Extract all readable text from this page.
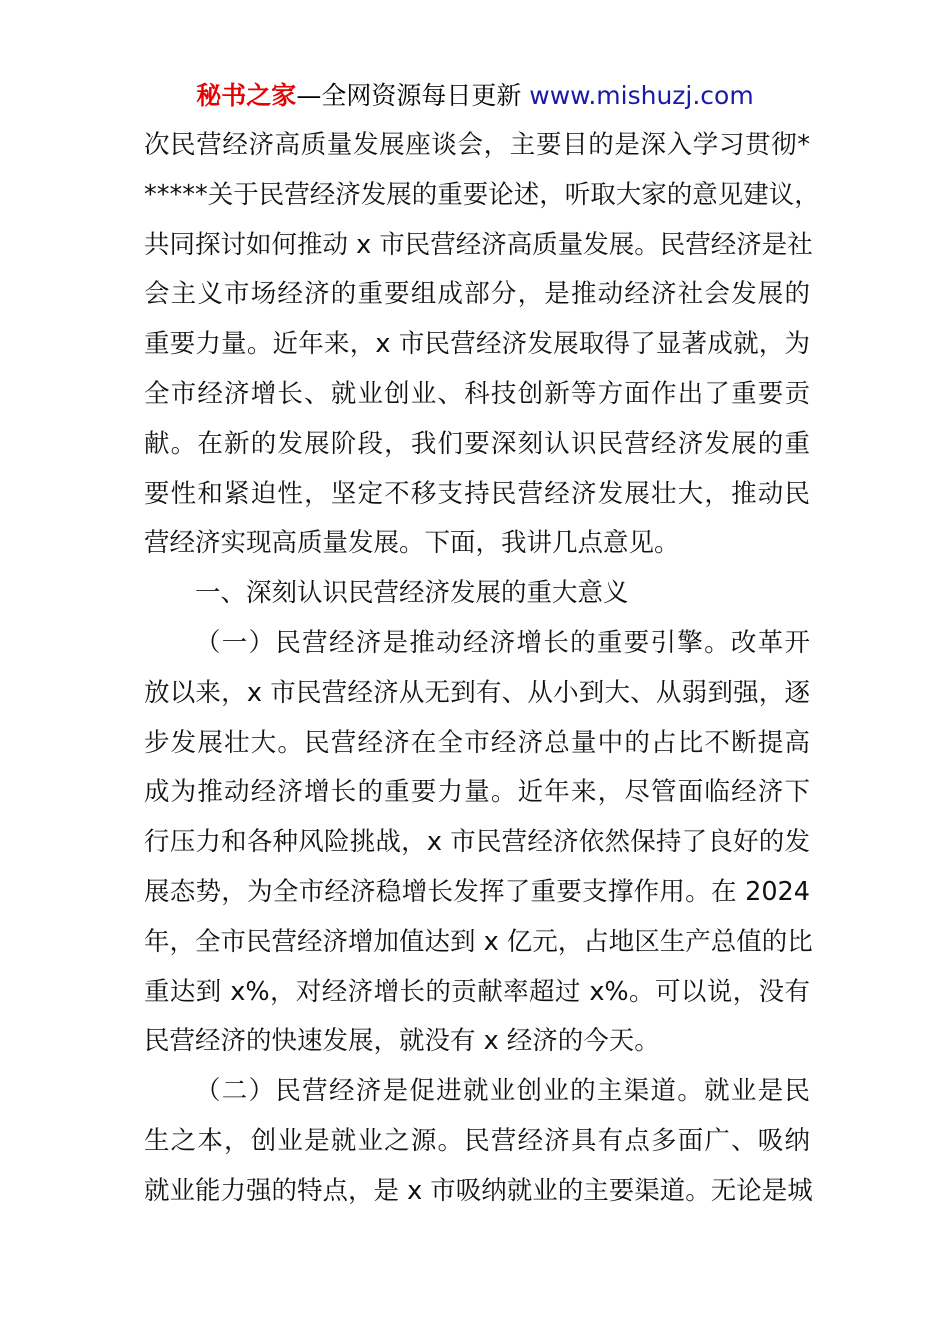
秘书之家—全网资源每日更新 www.mishuzj.com
次民营经济高质量发展座谈会，主要目的是深入学习贯彻*
*****关于民营经济发展的重要论述，听取大家的意见建议，
共同探讨如何推动 x 市民营经济高质量发展。民营经济是社
会主义市场经济的重要组成部分，是推动经济社会发展的
重要力量。近年来，x 市民营经济发展取得了显著成就，为
全市经济增长、就业创业、科技创新等方面作出了重要贡
献。在新的发展阶段，我们要深刻认识民营经济发展的重
要性和紧迫性，坚定不移支持民营经济发展壮大，推动民
营经济实现高质量发展。下面，我讲几点意见。
一、深刻认识民营经济发展的重大意义
（一）民营经济是推动经济增长的重要引擎。改革开
放以来，x 市民营经济从无到有、从小到大、从弱到强，逐
步发展壮大。民营经济在全市经济总量中的占比不断提高
成为推动经济增长的重要力量。近年来，尽管面临经济下
行压力和各种风险挑战，x 市民营经济依然保持了良好的发
展态势，为全市经济稳增长发挥了重要支撑作用。在 2024
年，全市民营经济增加值达到 x 亿元，占地区生产总值的比
重达到 x%，对经济增长的贡献率超过 x%。可以说，没有
民营经济的快速发展，就没有 x 经济的今天。
（二）民营经济是促进就业创业的主渠道。就业是民
生之本，创业是就业之源。民营经济具有点多面广、吸纳
就业能力强的特点，是 x 市吸纳就业的主要渠道。无论是城
